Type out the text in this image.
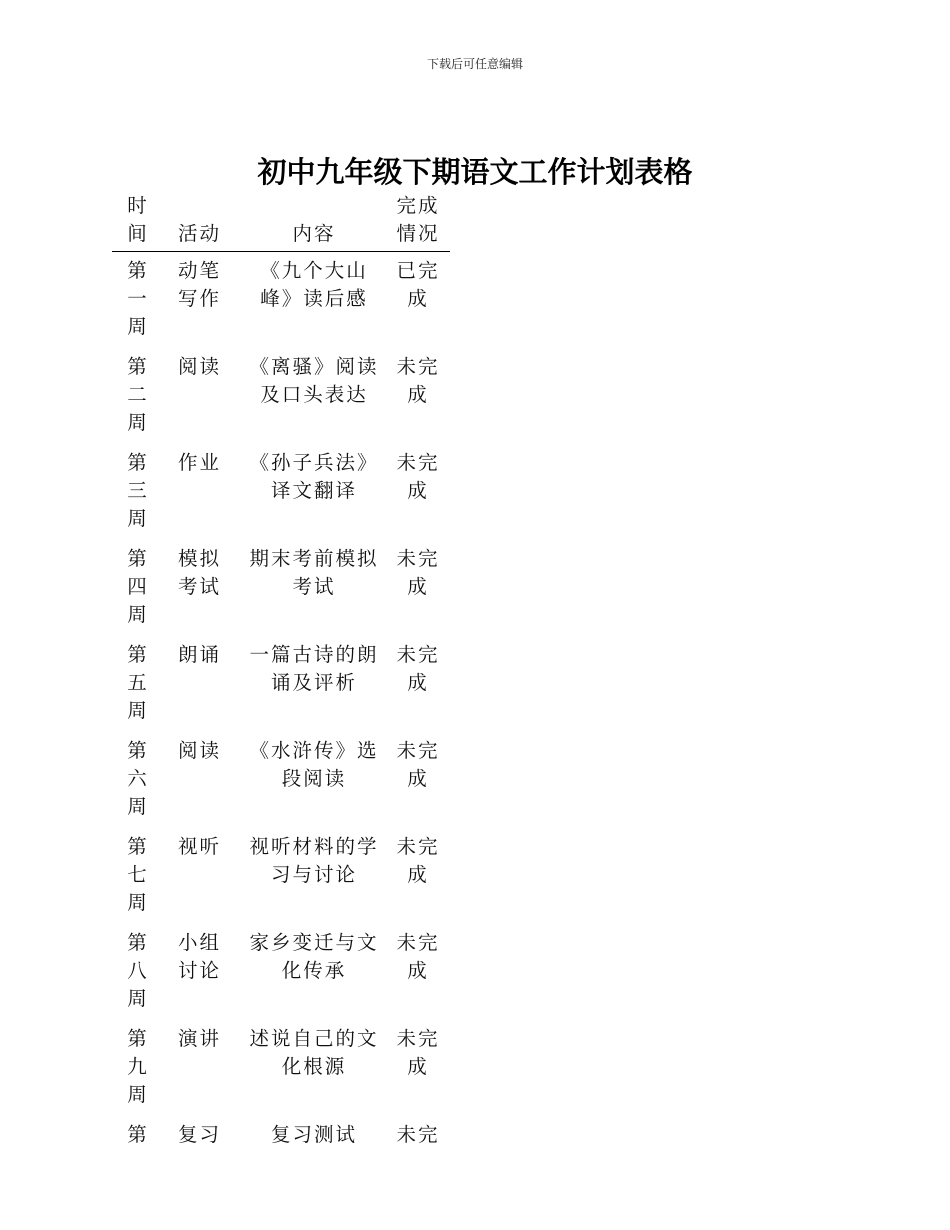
下载后可任意编辑
初中九年级下期语文工作计划表格
时间	活动	内容	完成情况

第一周	动笔写作	《九个大山峰》读后感	已完成

第二周	阅读	《离骚》阅读及口头表达	未完成

第三周	作业	《孙子兵法》译文翻译	未完成

第四周	模拟考试	期末考前模拟考试	未完成

第五周	朗诵	一篇古诗的朗诵及评析	未完成

第六周	阅读	《水浒传》选段阅读	未完成

第七周	视听	视听材料的学习与讨论	未完成

第八周	小组讨论	家乡变迁与文化传承	未完成

第九周	演讲	述说自己的文化根源	未完成

第	复习	复习测试	未完
